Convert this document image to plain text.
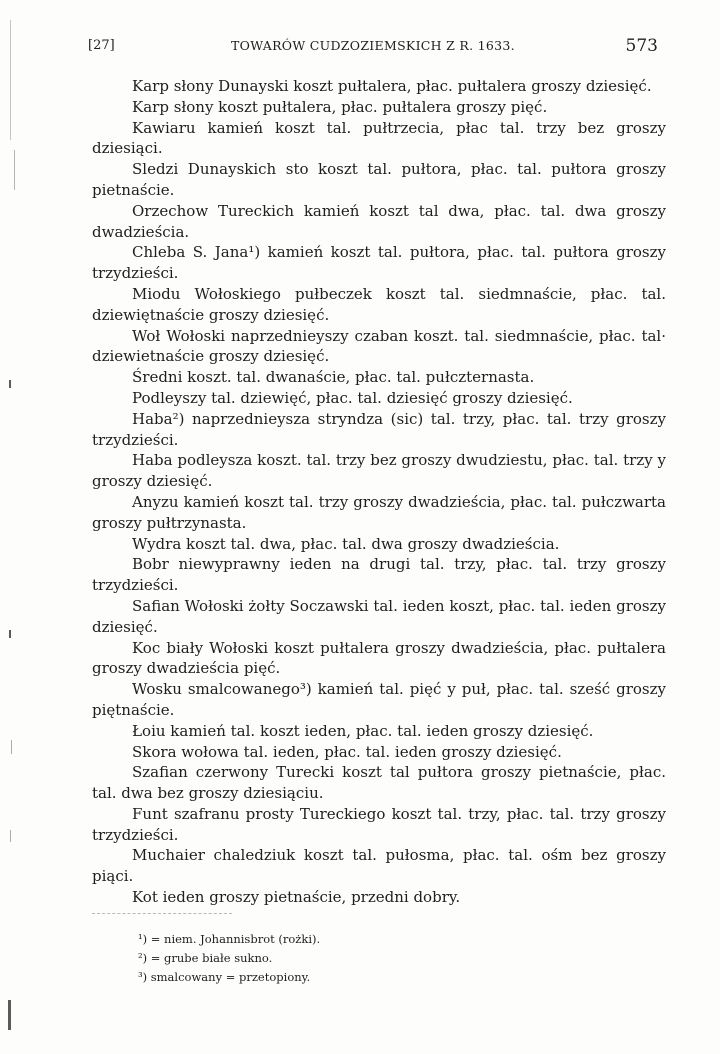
[27]	TOWARÓW CUDZOZIEMSKICH Z R. 1633.	573

Karp słony Dunayski koszt pułtalera, płac. pułtalera groszy dziesięć.

Karp słony koszt pułtalera, płac. pułtalera groszy pięć.

Kawiaru kamień koszt tal. pułtrzecia, płac tal. trzy bez groszy dziesiąci.

Sledzi Dunayskich sto koszt tal. pułtora, płac. tal. pułtora groszy pietnaście.

Orzechow Tureckich kamień koszt tal dwa, płac. tal. dwa groszy dwadzieścia.

Chleba S. Jana¹) kamień koszt tal. pułtora, płac. tal. pułtora groszy trzydzieści.

Miodu Wołoskiego pułbeczek koszt tal. siedmnaście, płac. tal. dziewiętnaście groszy dziesięć.

Woł Wołoski naprzednieyszy czaban koszt. tal. siedmnaście, płac. tal· dziewietnaście groszy dziesięć.

Średni koszt. tal. dwanaście, płac. tal. pułczternasta.

Podleyszy tal. dziewięć, płac. tal. dziesięć groszy dziesięć.

Haba²) naprzednieysza stryndza (sic) tal. trzy, płac. tal. trzy groszy trzydzieści.

Haba podleysza koszt. tal. trzy bez groszy dwudziestu, płac. tal. trzy y groszy dziesięć.

Anyzu kamień koszt tal. trzy groszy dwadzieścia, płac. tal. pułczwarta groszy pułtrzynasta.

Wydra koszt tal. dwa, płac. tal. dwa groszy dwadzieścia.

Bobr niewyprawny ieden na drugi tal. trzy, płac. tal. trzy groszy trzydzieści.

Safian Wołoski żołty Soczawski tal. ieden koszt, płac. tal. ieden groszy dziesięć.

Koc biały Wołoski koszt pułtalera groszy dwadzieścia, płac. pułtalera groszy dwadzieścia pięć.

Wosku smalcowanego³) kamień tal. pięć y puł, płac. tal. sześć groszy piętnaście.

Łoiu kamień tal. koszt ieden, płac. tal. ieden groszy dziesięć.

Skora wołowa tal. ieden, płac. tal. ieden groszy dziesięć.

Szafian czerwony Turecki koszt tal pułtora groszy pietnaście, płac. tal. dwa bez groszy dziesiąciu.

Funt szafranu prosty Tureckiego koszt tal. trzy, płac. tal. trzy groszy trzydzieści.

Muchaier chaledziuk koszt tal. pułosma, płac. tal. ośm bez groszy piąci.

Kot ieden groszy pietnaście, przedni dobry.

¹) = niem. Johannisbrot (rożki).

²) = grube białe sukno.

³) smalcowany = przetopiony.
